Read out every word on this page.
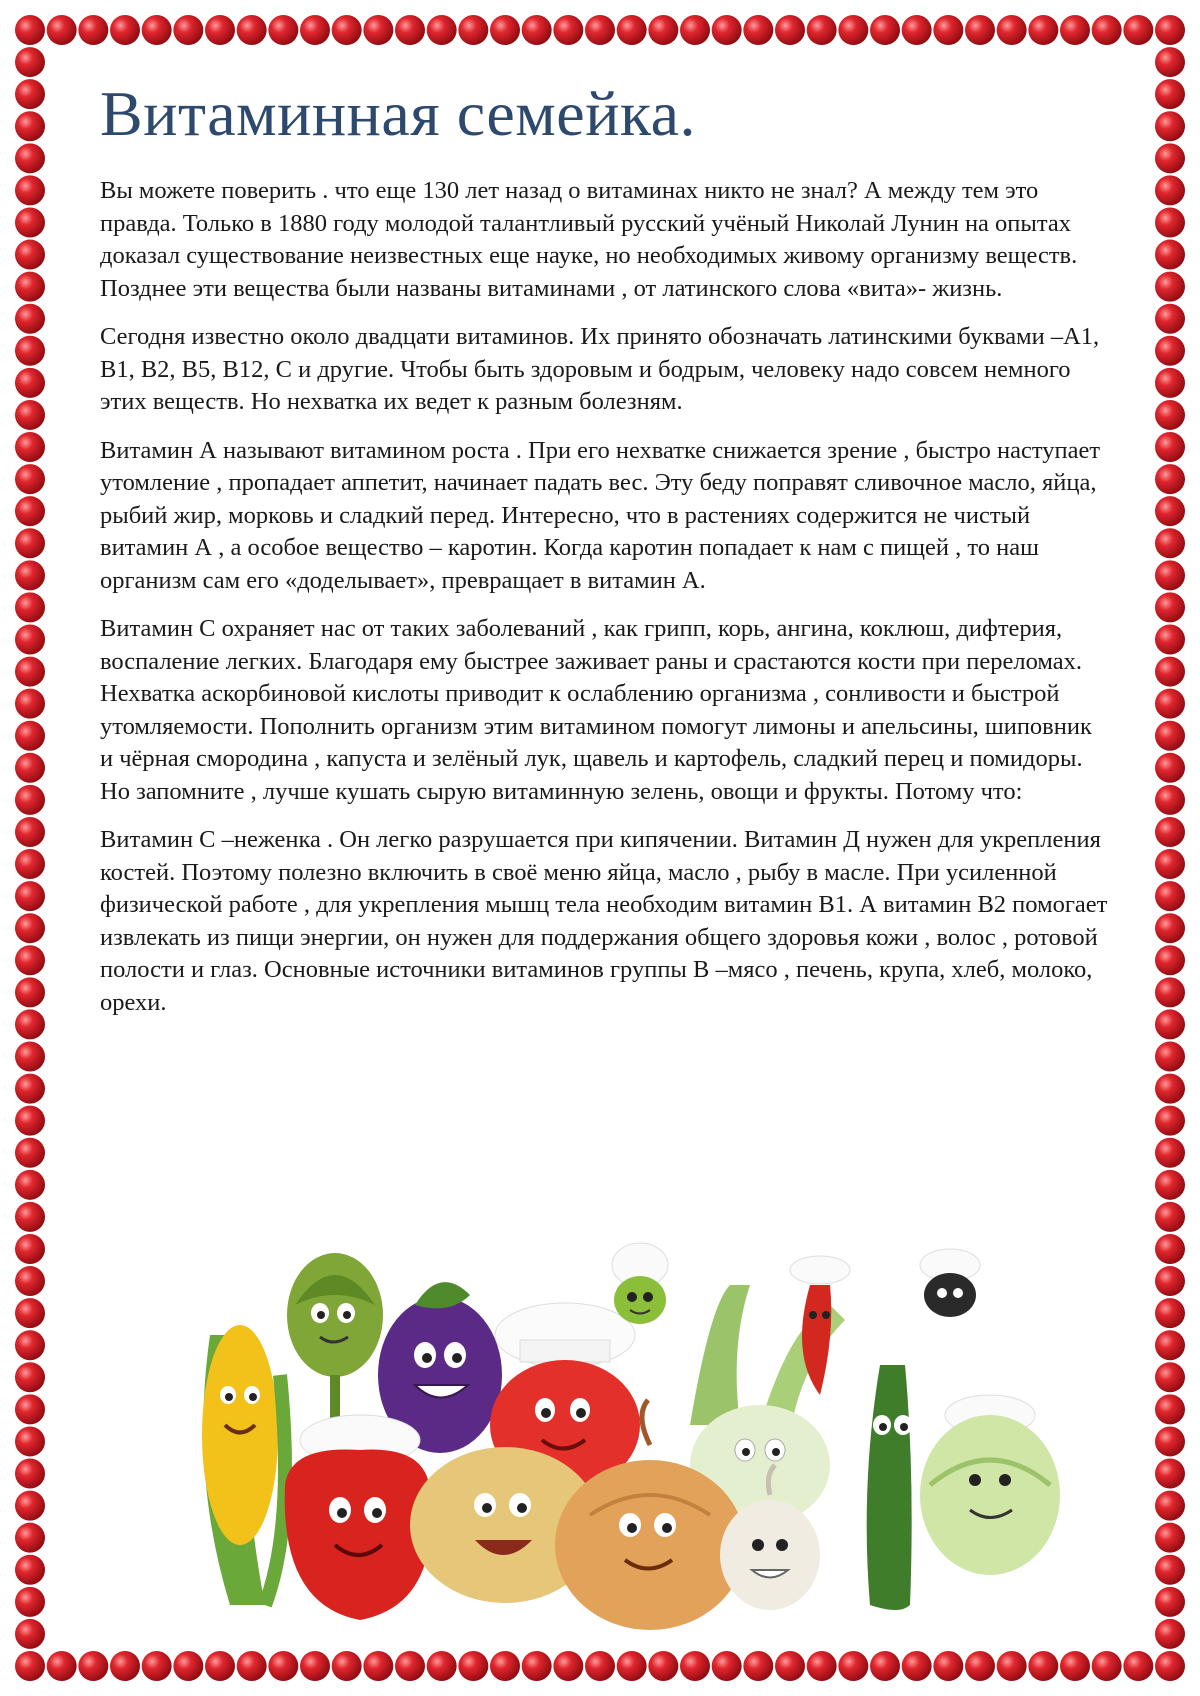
Витаминная семейка.

Вы можете поверить . что еще 130 лет назад о витаминах никто не знал? А между тем это правда. Только в 1880 году молодой талантливый русский учёный Николай Лунин на опытах доказал существование неизвестных еще науке, но необходимых живому организму веществ. Позднее эти вещества были названы витаминами , от латинского слова «вита»- жизнь.

Сегодня известно около двадцати витаминов. Их принято обозначать латинскими буквами –А1, В1, В2, В5, В12, С и другие. Чтобы быть здоровым и бодрым, человеку надо совсем немного этих веществ. Но нехватка их ведет к разным болезням.

Витамин А называют витамином роста . При его нехватке снижается зрение , быстро наступает утомление , пропадает аппетит, начинает падать вес. Эту беду поправят сливочное масло, яйца, рыбий жир, морковь и сладкий перед. Интересно, что в растениях содержится не чистый витамин А , а особое вещество – каротин. Когда каротин попадает к нам с пищей , то наш организм сам его «доделывает», превращает в витамин А.

Витамин С охраняет нас от таких заболеваний , как грипп, корь, ангина, коклюш, дифтерия, воспаление легких. Благодаря ему быстрее заживает раны и срастаются кости при переломах. Нехватка аскорбиновой кислоты приводит к ослаблению организма , сонливости и быстрой утомляемости. Пополнить организм этим витамином помогут лимоны и апельсины, шиповник и чёрная смородина , капуста и зелёный лук, щавель и картофель, сладкий перец и помидоры. Но запомните , лучше кушать сырую витаминную зелень, овощи и фрукты. Потому что:

Витамин С –неженка . Он легко разрушается при кипячении. Витамин Д нужен для укрепления костей. Поэтому полезно включить в своё меню яйца, масло , рыбу в масле. При усиленной физической работе , для укрепления мышц тела необходим витамин В1. А витамин В2 помогает извлекать из пищи энергии, он нужен для поддержания общего здоровья кожи , волос , ротовой полости и глаз. Основные источники витаминов группы В –мясо , печень, крупа, хлеб, молоко, орехи.
